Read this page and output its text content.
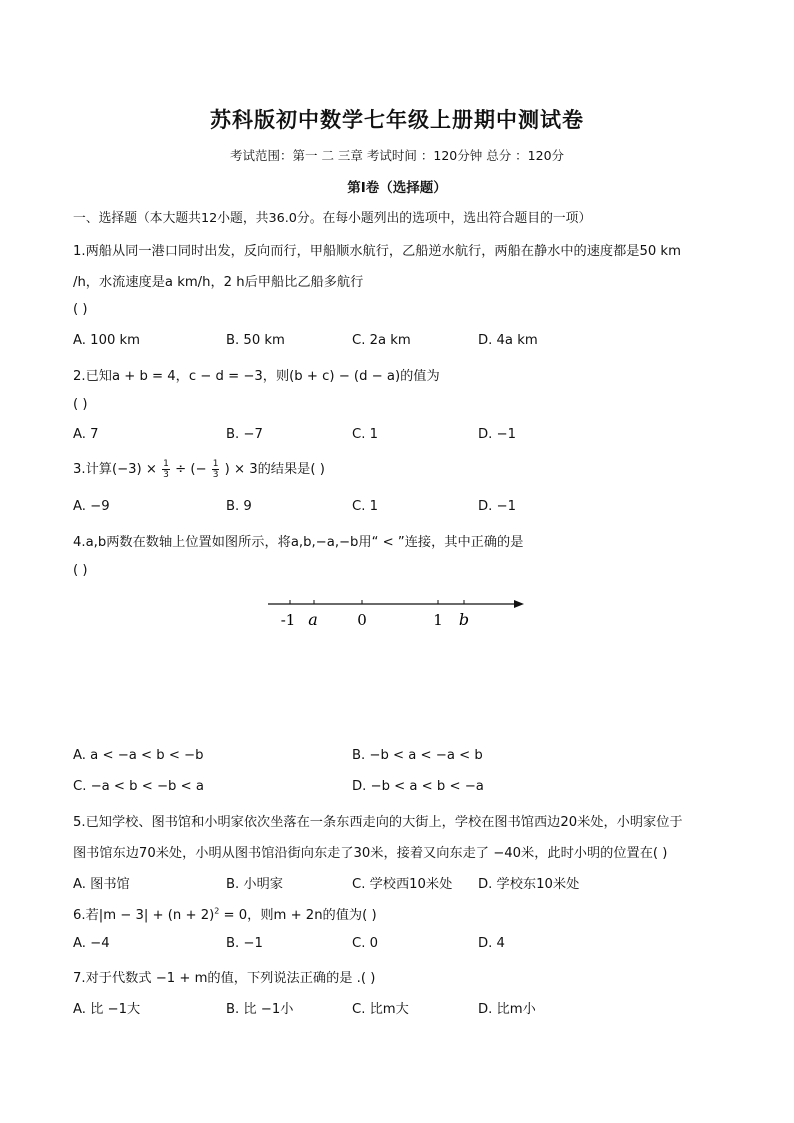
苏科版初中数学七年级上册期中测试卷
考试范围：第一 二 三章 考试时间 ：120分钟 总分 ：120分
第I卷（选择题）
一、选择题（本大题共12小题，共36.0分。在每小题列出的选项中，选出符合题目的一项）
1.两船从同一港口同时出发，反向而行，甲船顺水航行，乙船逆水航行，两船在静水中的速度都是50 km
/h，水流速度是a km/h，2 h后甲船比乙船多航行
( )
A. 100 km	B. 50 km	C. 2a km	D. 4a km
2.已知a + b = 4，c − d = −3，则(b + c) − (d − a)的值为
( )
A. 7	B. −7	C. 1	D. −1
3.计算$(-3) \times \frac{1}{3}$ ÷ (− $\frac{1}{3}$ ) × 3的结果是( )
A. −9	B. 9	C. 1	D. −1
4.a,b两数在数轴上位置如图所示，将a,b,−a,−b用“ < ”连接，其中正确的是
( )
-1 a	0	1 b
A. a < −a < b < −b	B. −b < a < −a < b
C. −a < b < −b < a	D. −b < a < b < −a
5.已知学校、图书馆和小明家依次坐落在一条东西走向的大街上，学校在图书馆西边20米处，小明家位于
图书馆东边70米处，小明从图书馆沿街向东走了30米，接着又向东走了 −40米，此时小明的位置在( )
A. 图书馆	B. 小明家	C. 学校西10米处 D. 学校东10米处
6.若$|m - 3| + (n + 2)^2 = 0$，则m + 2n的值为( )
A. −4	B. −1	C. 0	D. 4
7.对于代数式 −1 + m的值，下列说法正确的是 .( )
A. 比 −1大	B. 比 −1小	C. 比m大	D. 比m小
